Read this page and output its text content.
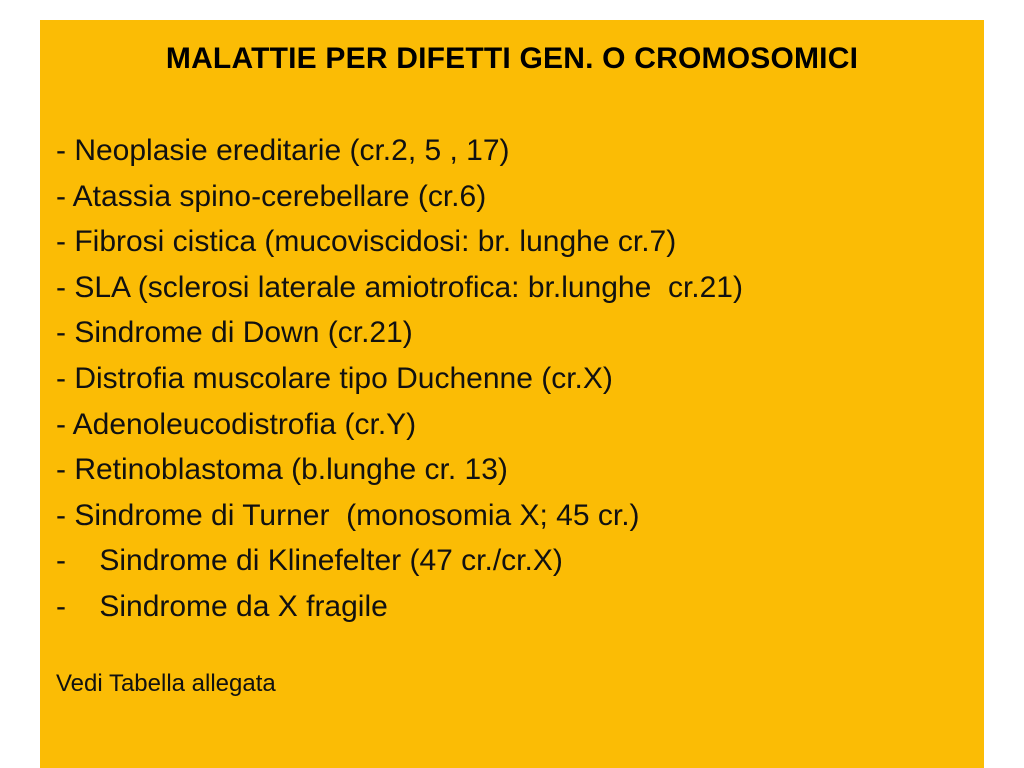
MALATTIE PER DIFETTI GEN. O CROMOSOMICI
- Neoplasie ereditarie (cr.2, 5 , 17)
- Atassia spino-cerebellare (cr.6)
- Fibrosi cistica (mucoviscidosi: br. lunghe cr.7)
- SLA (sclerosi laterale amiotrofica: br.lunghe  cr.21)
- Sindrome di Down (cr.21)
- Distrofia muscolare tipo Duchenne (cr.X)
- Adenoleucodistrofia (cr.Y)
- Retinoblastoma (b.lunghe cr. 13)
- Sindrome di Turner  (monosomia X; 45 cr.)
-    Sindrome di Klinefelter (47 cr./cr.X)
-    Sindrome da X fragile
Vedi Tabella allegata
